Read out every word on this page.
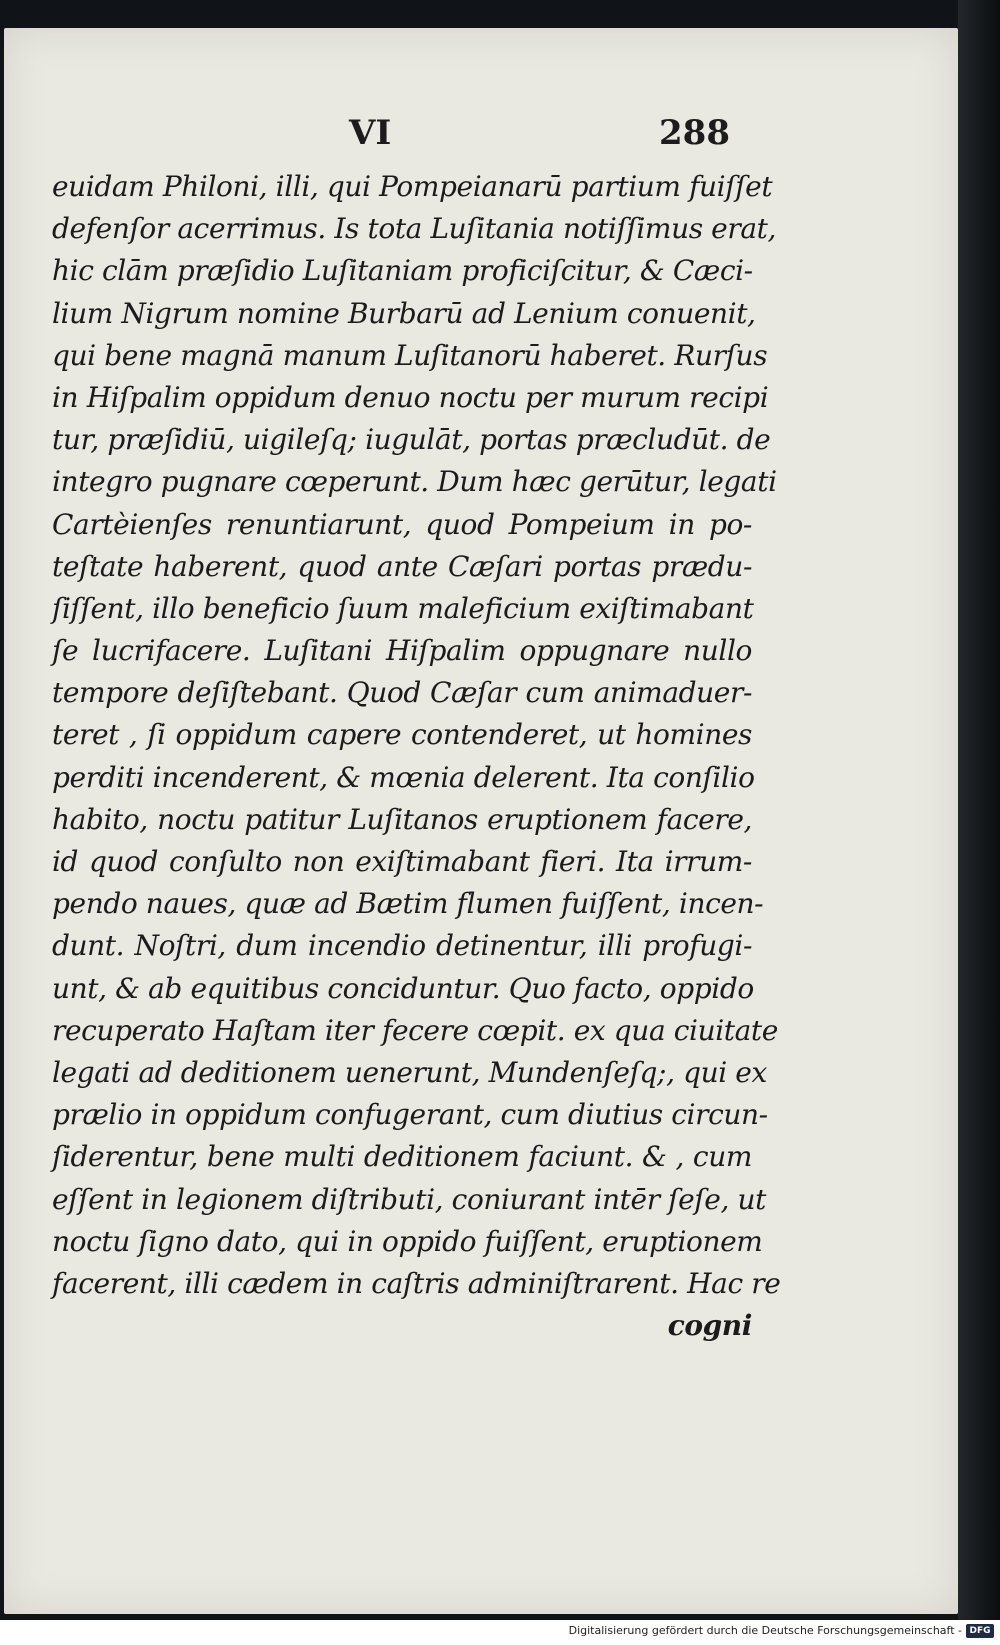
VI	288
euidam Philoni, illi, qui Pompeianarū partium fuiſſet
defenſor acerrimus. Is tota Luſitania notiſſimus erat,
hic clām præſidio Luſitaniam proficiſcitur, & Cæci-
lium Nigrum nomine Burbarū ad Lenium conuenit,
qui bene magnā manum Luſitanorū haberet. Rurſus
in Hiſpalim oppidum denuo noctu per murum recipi
tur, præſidiū, uigileſq; iugulāt, portas præcludūt. de
integro pugnare cœperunt. Dum hæc gerūtur, legati
Cartèienſes renuntiarunt, quod Pompeium in po-
teſtate haberent, quod ante Cæſari portas prædu-
ſiſſent, illo beneficio ſuum maleficium exiſtimabant
ſe lucrifacere. Luſitani Hiſpalim oppugnare nullo
tempore deſiſtebant. Quod Cæſar cum animaduer-
teret , ſi oppidum capere contenderet, ut homines
perditi incenderent, & mœnia delerent. Ita conſilio
habito, noctu patitur Luſitanos eruptionem facere,
id quod conſulto non exiſtimabant fieri. Ita irrum-
pendo naues, quæ ad Bætim flumen fuiſſent, incen-
dunt. Noſtri, dum incendio detinentur, illi profugi-
unt, & ab equitibus conciduntur. Quo facto, oppido
recuperato Haſtam iter fecere cœpit. ex qua ciuitate
legati ad deditionem uenerunt, Mundenſeſq;, qui ex
prælio in oppidum confugerant, cum diutius circun-
ſiderentur, bene multi deditionem faciunt. & , cum
eſſent in legionem diſtributi, coniurant intēr ſeſe, ut
noctu ſigno dato, qui in oppido fuiſſent, eruptionem
facerent, illi cædem in caſtris adminiſtrarent. Hac re
cogni
Digitalisierung gefördert durch die Deutsche Forschungsgemeinschaft - DFG
